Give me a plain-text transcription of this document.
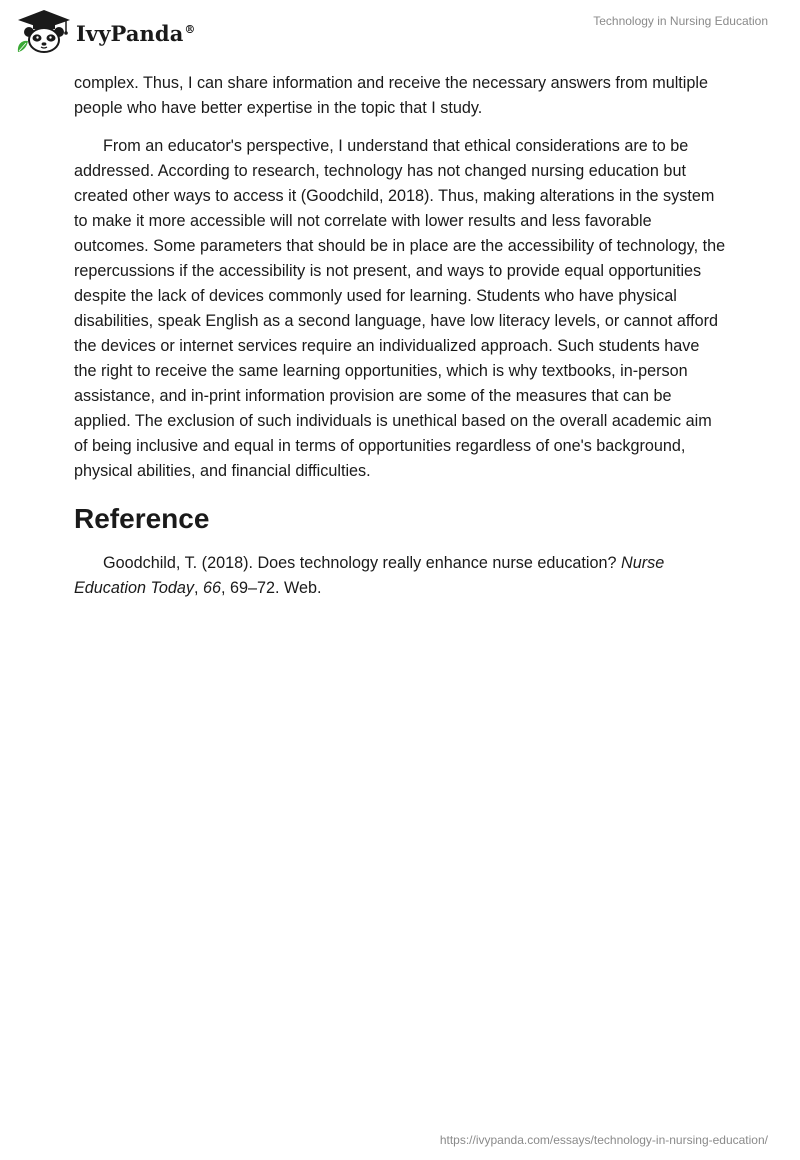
IvyPanda®
Technology in Nursing Education

complex. Thus, I can share information and receive the necessary answers from multiple people who have better expertise in the topic that I study.

From an educator's perspective, I understand that ethical considerations are to be addressed. According to research, technology has not changed nursing education but created other ways to access it (Goodchild, 2018). Thus, making alterations in the system to make it more accessible will not correlate with lower results and less favorable outcomes. Some parameters that should be in place are the accessibility of technology, the repercussions if the accessibility is not present, and ways to provide equal opportunities despite the lack of devices commonly used for learning. Students who have physical disabilities, speak English as a second language, have low literacy levels, or cannot afford the devices or internet services require an individualized approach. Such students have the right to receive the same learning opportunities, which is why textbooks, in-person assistance, and in-print information provision are some of the measures that can be applied. The exclusion of such individuals is unethical based on the overall academic aim of being inclusive and equal in terms of opportunities regardless of one's background, physical abilities, and financial difficulties.

Reference

Goodchild, T. (2018). Does technology really enhance nurse education? Nurse Education Today, 66, 69–72. Web.

https://ivypanda.com/essays/technology-in-nursing-education/
